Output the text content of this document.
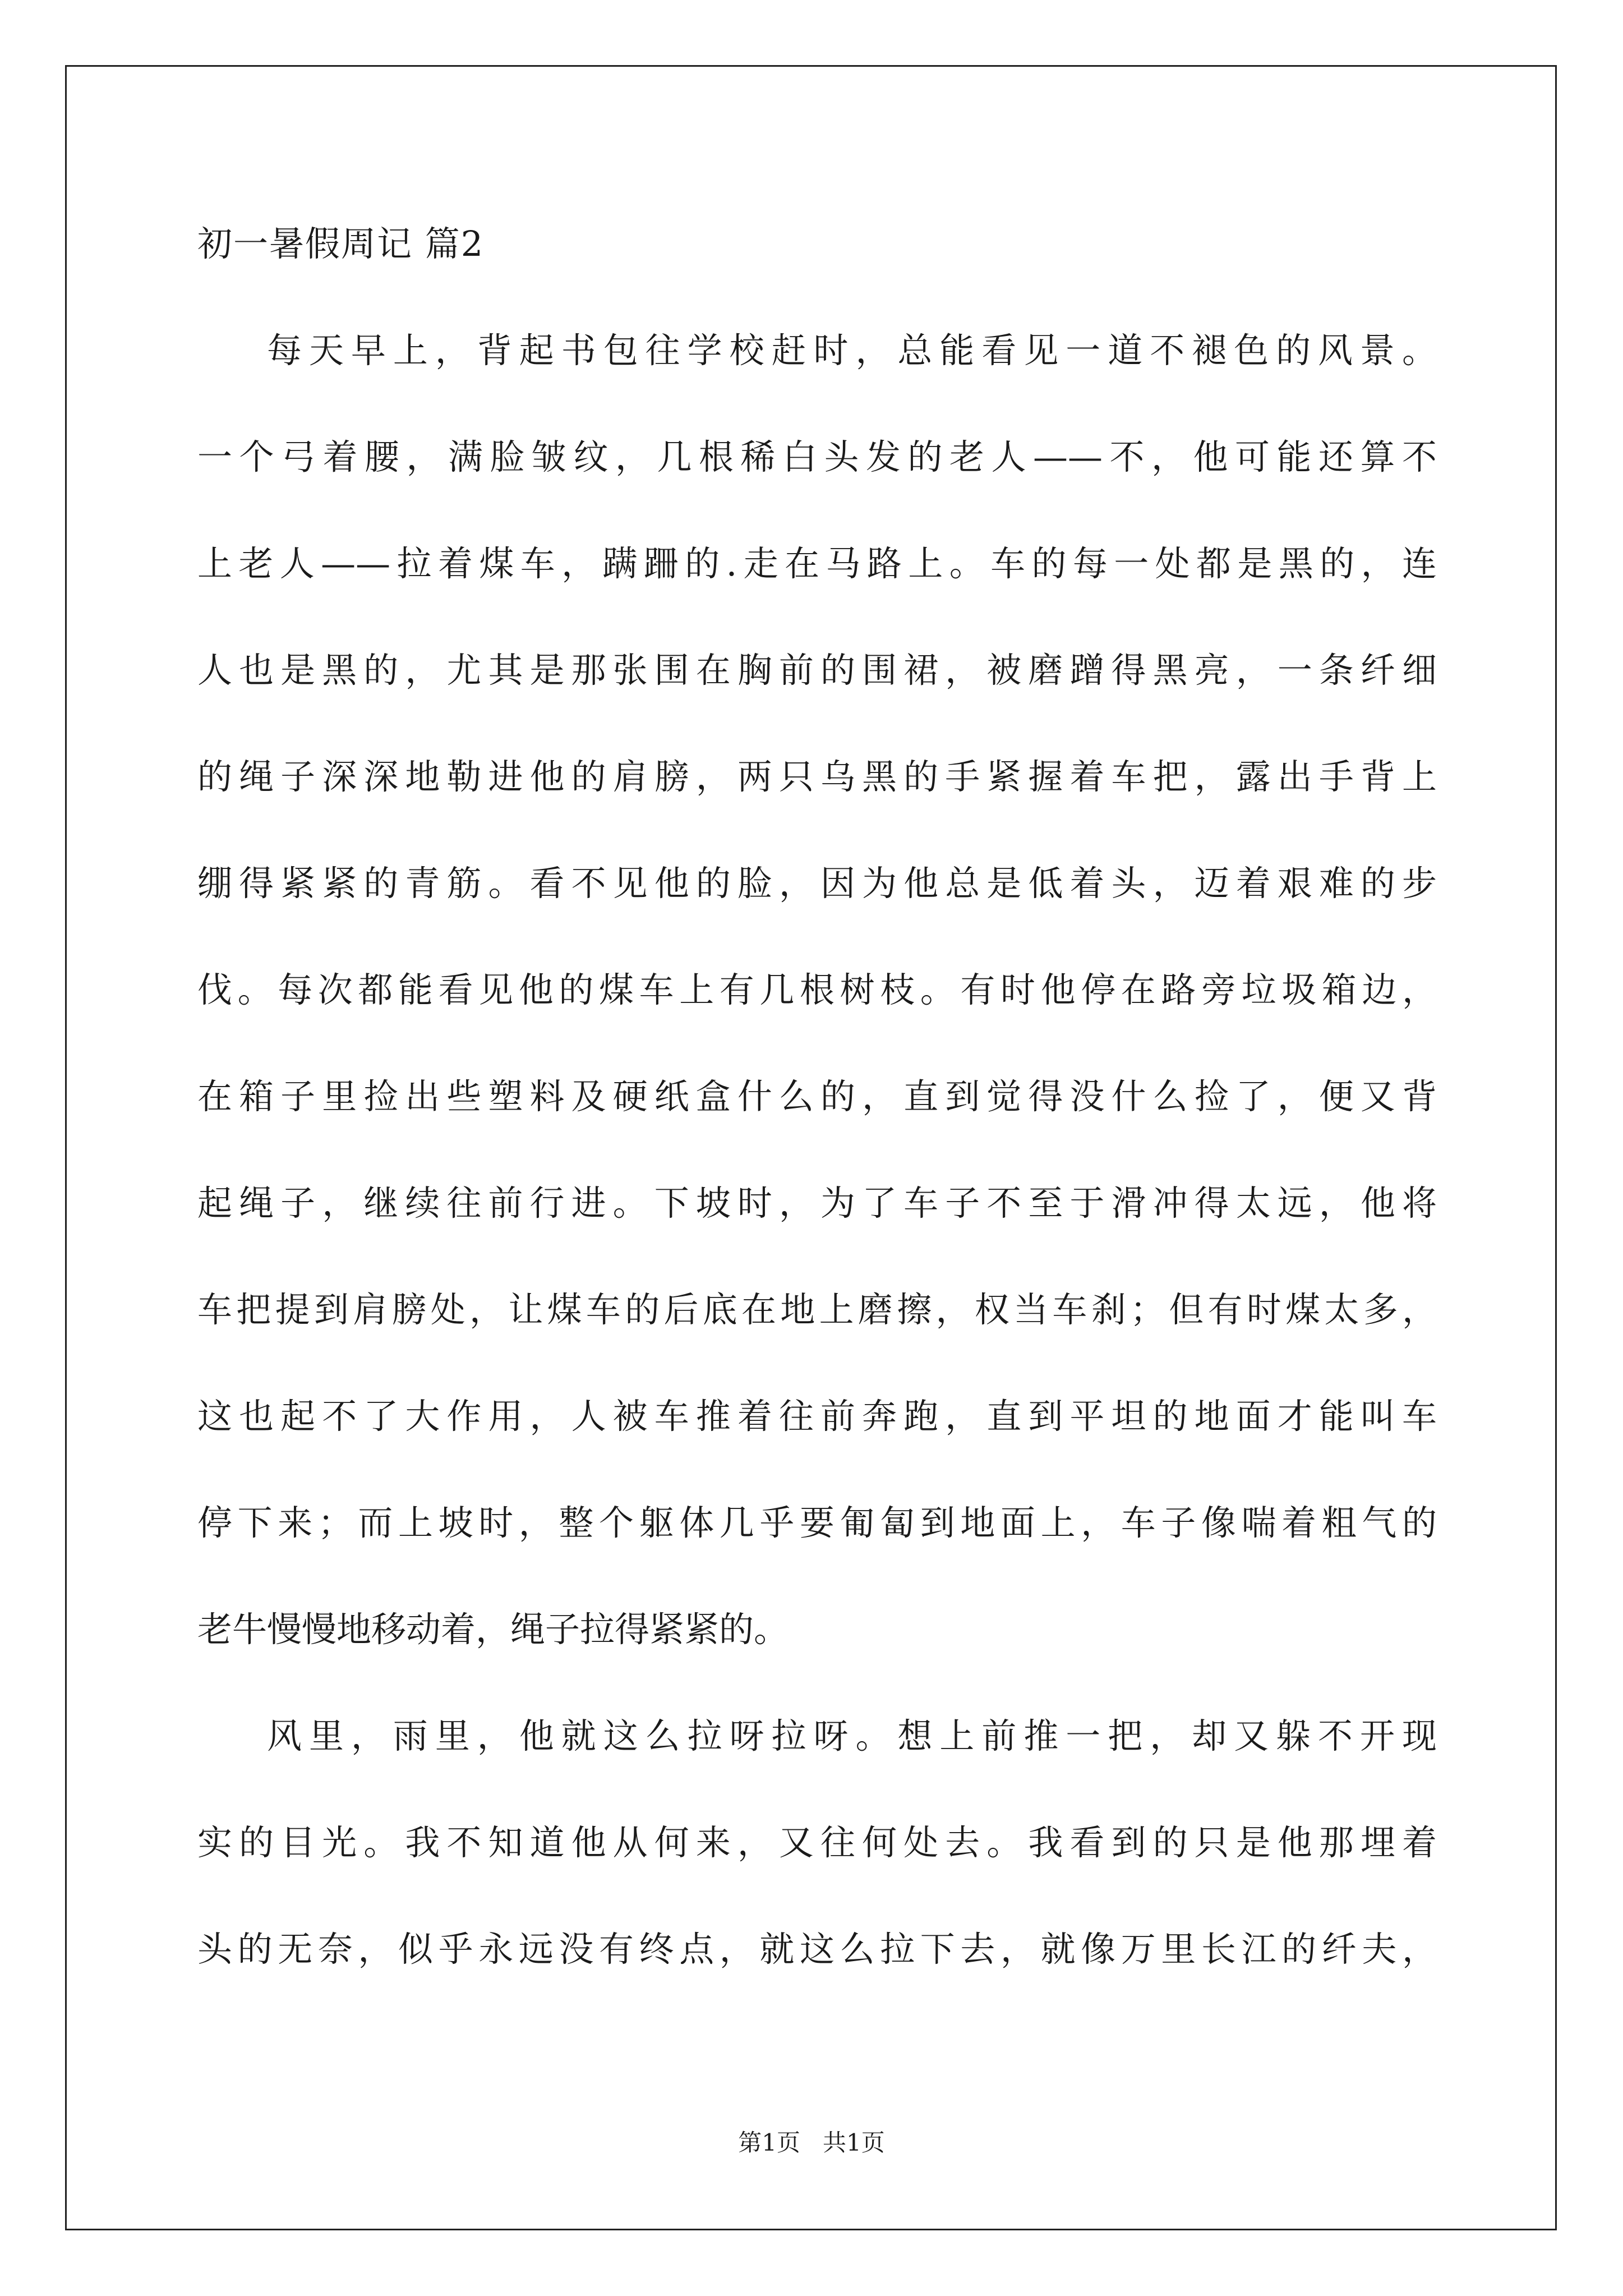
初一暑假周记 篇2
每天早上，背起书包往学校赶时，总能看见一道不褪色的风景。
一个弓着腰，满脸皱纹，几根稀白头发的老人——不，他可能还算不
上老人——拉着煤车，蹒跚的.走在马路上。车的每一处都是黑的，连
人也是黑的，尤其是那张围在胸前的围裙，被磨蹭得黑亮，一条纤细
的绳子深深地勒进他的肩膀，两只乌黑的手紧握着车把，露出手背上
绷得紧紧的青筋。看不见他的脸，因为他总是低着头，迈着艰难的步
伐。每次都能看见他的煤车上有几根树枝。有时他停在路旁垃圾箱边，
在箱子里捡出些塑料及硬纸盒什么的，直到觉得没什么捡了，便又背
起绳子，继续往前行进。下坡时，为了车子不至于滑冲得太远，他将
车把提到肩膀处，让煤车的后底在地上磨擦，权当车刹；但有时煤太多，
这也起不了大作用，人被车推着往前奔跑，直到平坦的地面才能叫车
停下来；而上坡时，整个躯体几乎要匍匐到地面上，车子像喘着粗气的
老牛慢慢地移动着，绳子拉得紧紧的。
风里，雨里，他就这么拉呀拉呀。想上前推一把，却又躲不开现
实的目光。我不知道他从何来，又往何处去。我看到的只是他那埋着
头的无奈，似乎永远没有终点，就这么拉下去，就像万里长江的纤夫，
第1页 共1页
